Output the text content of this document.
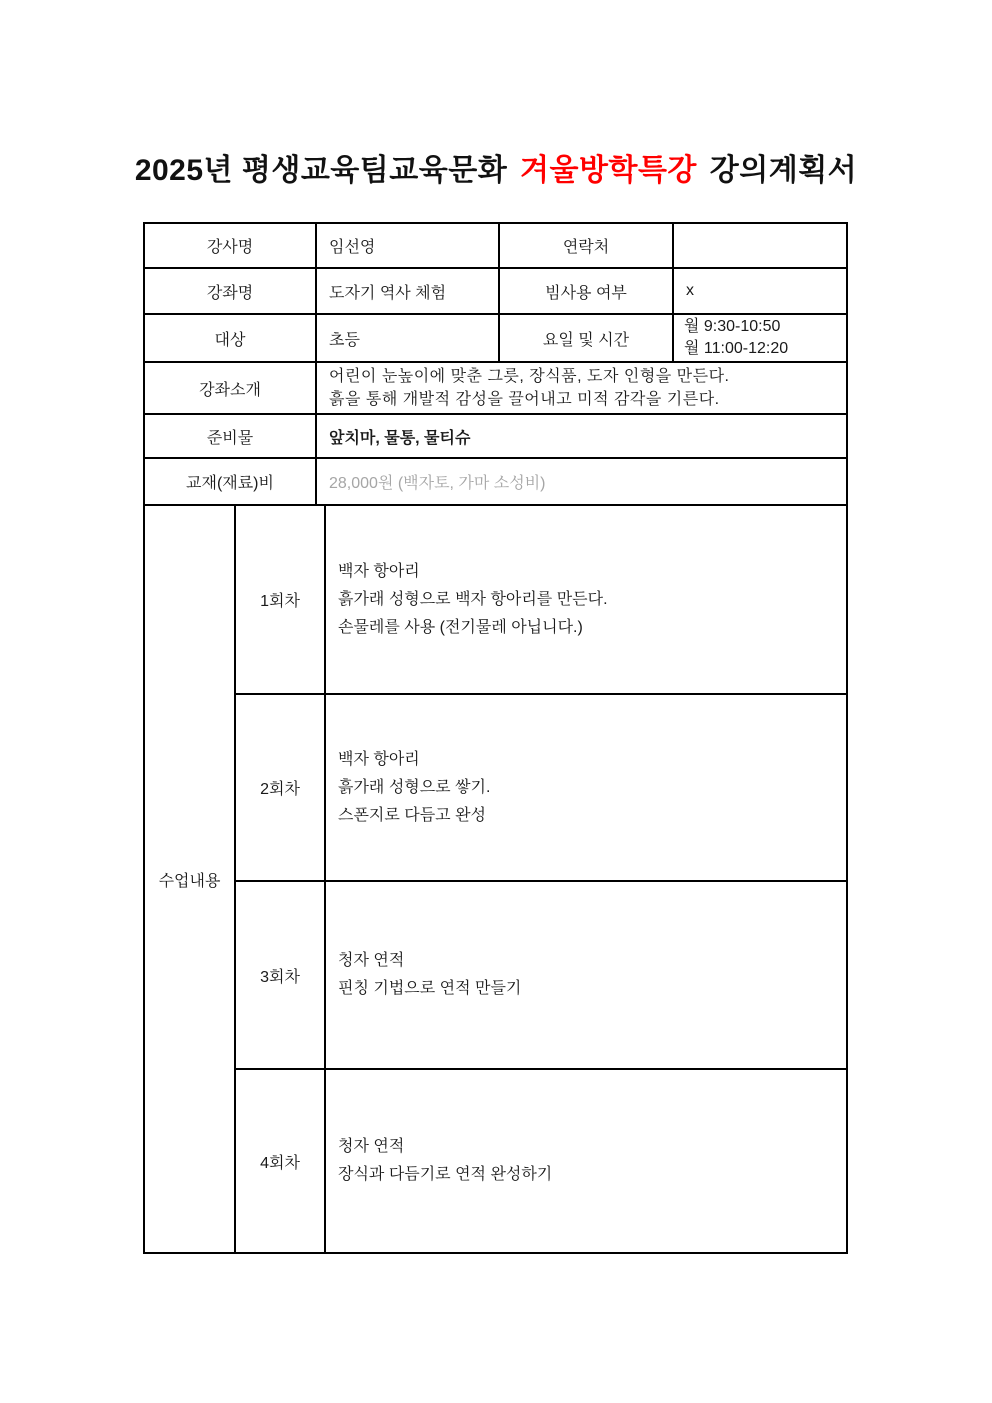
2025년 평생교육팀교육문화 겨울방학특강 강의계획서
강사명		임선영		연락처	
강좌명		도자기 역사 체험		빔사용 여부	x
대상		초등		요일 및 시간	월 9:30-10:50
월 11:00-12:20

강좌소개		어린이 눈높이에 맞춘 그릇, 장식품, 도자 인형을 만든다.
흙을 통해 개발적 감성을 끌어내고 미적 감각을 기른다.			

준비물		앞치마, 물통, 물티슈			
교재(재료)비		28,000원 (백자토, 가마 소성비)			
수업내용	1회차		백자 항아리
흙가래 성형으로 백자 항아리를 만든다.
손물레를 사용 (전기물레 아닙니다.)		

	2회차		백자 항아리
흙가래 성형으로 쌓기.
스폰지로 다듬고 완성		

	3회차		청자 연적
핀칭 기법으로 연적 만들기		

	4회차		청자 연적
장식과 다듬기로 연적 완성하기		
